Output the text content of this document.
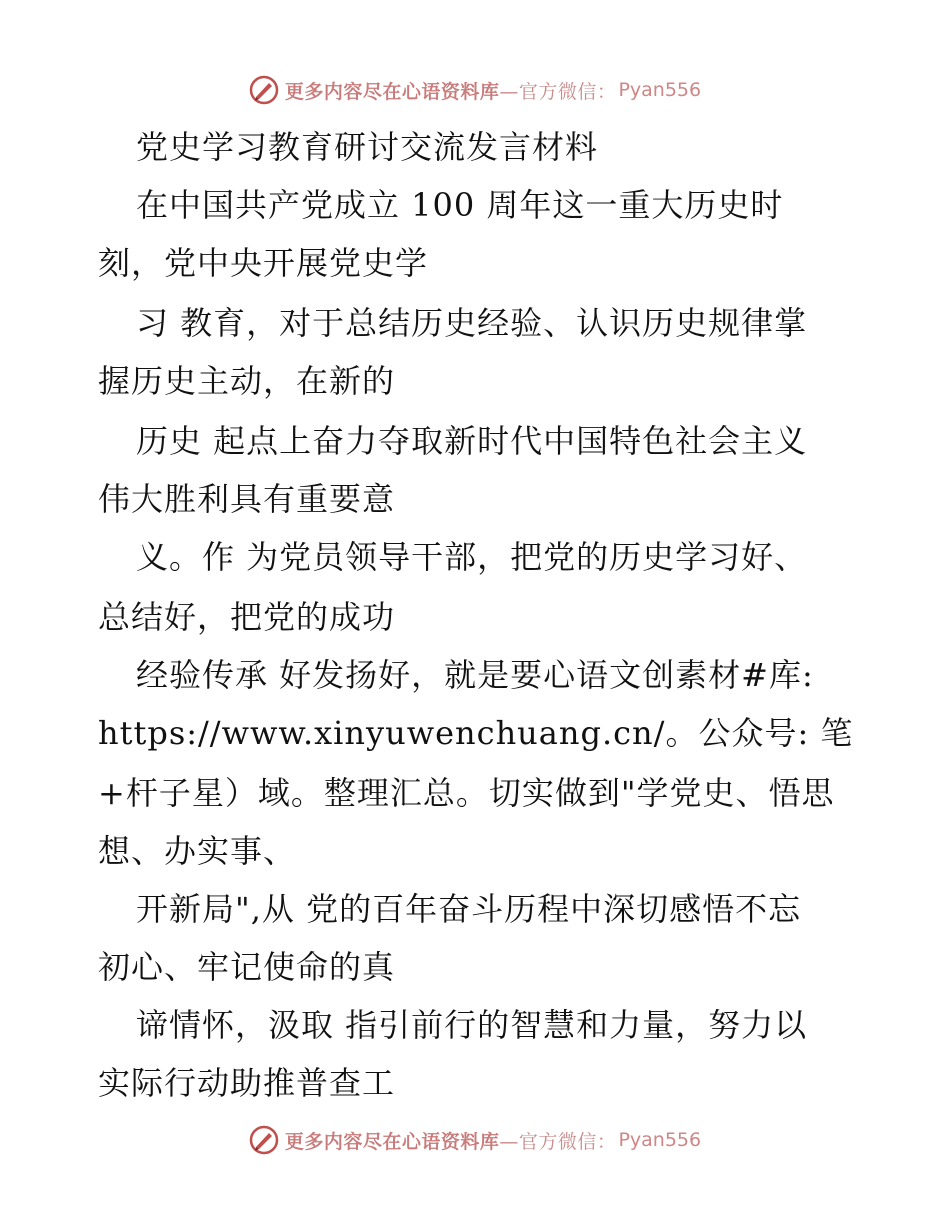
更多内容尽在心语资料库 —官方微信： Pyan556
党史学习教育研讨交流发言材料
在中国共产党成立 100 周年这一重大历史时
刻，党中央开展党史学
习 教育，对于总结历史经验、认识历史规律掌
握历史主动，在新的
历史 起点上奋力夺取新时代中国特色社会主义
伟大胜利具有重要意
义。作 为党员领导干部，把党的历史学习好、
总结好，把党的成功
经验传承 好发扬好，就是要心语文创素材#库:
https://www.xinyuwenchuang.cn/。公众号: 笔
+杆子星）域。整理汇总。切实做到"学党史、悟思
想、办实事、
开新局",从 党的百年奋斗历程中深切感悟不忘
初心、牢记使命的真
谛情怀，汲取 指引前行的智慧和力量，努力以
实际行动助推普查工
更多内容尽在心语资料库 —官方微信： Pyan556
